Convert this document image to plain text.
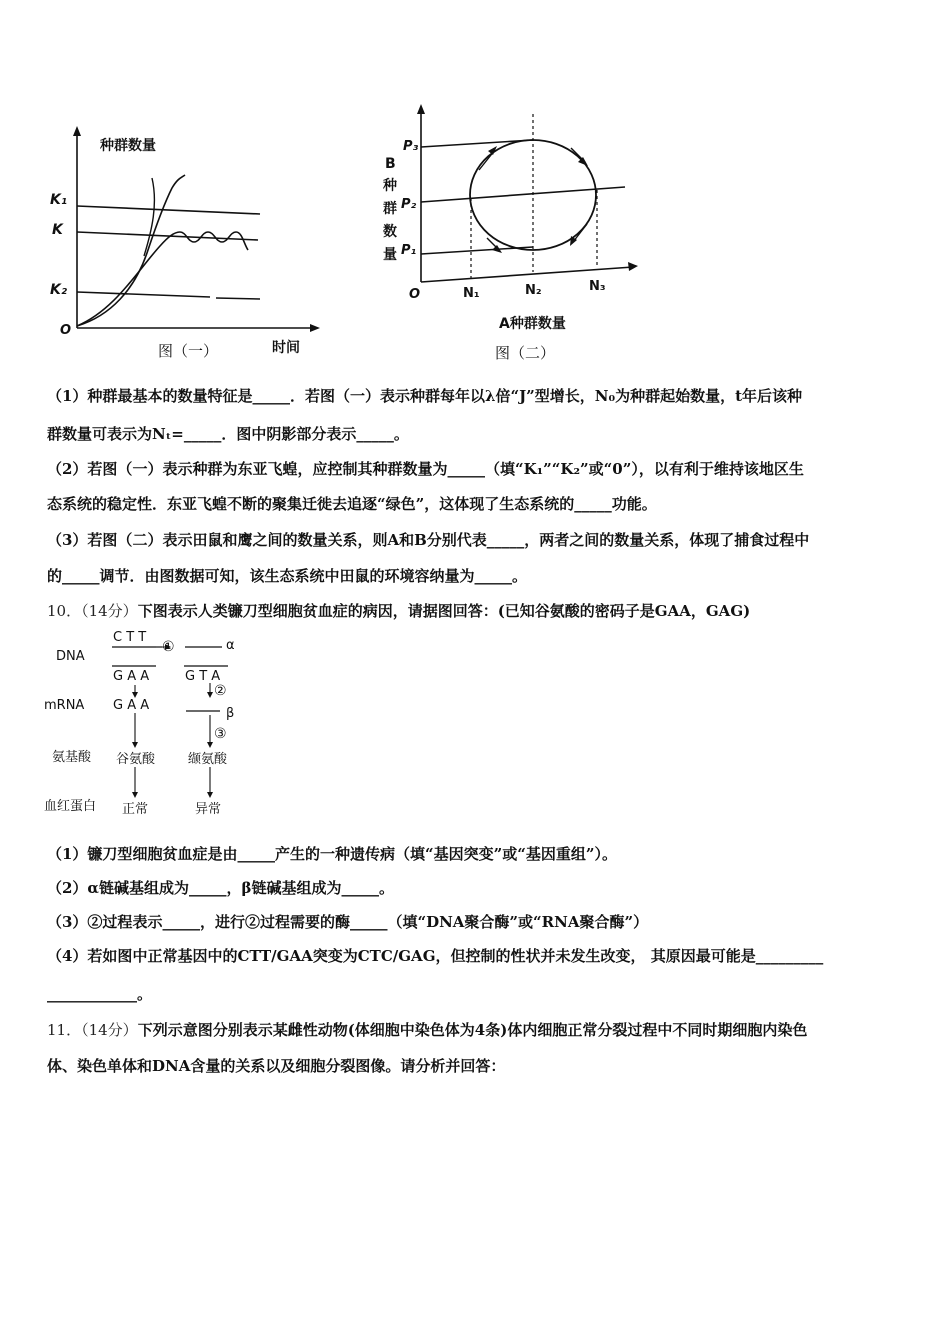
种群数量
K₁
K
K₂
O
图（一）	时间
B
种
群
数
量
P₃
P₂
P₁
O	N₁	N₂	N₃
A种群数量
图（二）
（1）种群最基本的数量特征是_____．若图（一）表示种群每年以λ倍“J”型增长，N₀为种群起始数量，t年后该种
群数量可表示为Nₜ=_____．图中阴影部分表示_____。
（2）若图（一）表示种群为东亚飞蝗，应控制其种群数量为_____（填“K₁”“K₂”或“0”），以有利于维持该地区生
态系统的稳定性．东亚飞蝗不断的聚集迁徙去追逐“绿色”，这体现了生态系统的_____功能。
（3）若图（二）表示田鼠和鹰之间的数量关系，则A和B分别代表_____，两者之间的数量关系，体现了捕食过程中
的_____调节．由图数据可知，该生态系统中田鼠的环境容纳量为_____。
10．（14分）下图表示人类镰刀型细胞贫血症的病因，请据图回答：(已知谷氨酸的密码子是GAA，GAG)
DNA
mRNA
氨基酸
血红蛋白
C T T
G A A
G A A
谷氨酸
正常
①	α
G T A
②
β
③
缬氨酸
异常
（1）镰刀型细胞贫血症是由_____产生的一种遗传病（填“基因突变”或“基因重组”）。
（2）α链碱基组成为_____，β链碱基组成为_____。
（3）②过程表示_____，进行②过程需要的酶_____（填“DNA聚合酶”或“RNA聚合酶”）
（4）若如图中正常基因中的CTT/GAA突变为CTC/GAG，但控制的性状并未发生改变， 其原因最可能是_________
____________。
11．（14分）下列示意图分别表示某雌性动物(体细胞中染色体为4条)体内细胞正常分裂过程中不同时期细胞内染色
体、染色单体和DNA含量的关系以及细胞分裂图像。请分析并回答：
